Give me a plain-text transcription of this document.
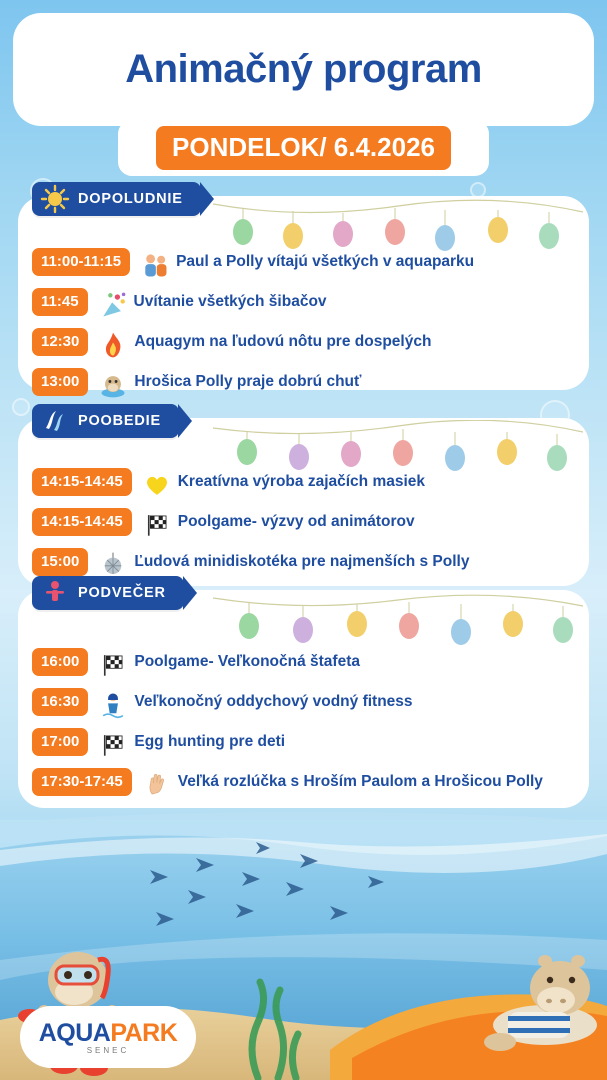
Animačný program
PONDELOK/ 6.4.2026
DOPOLUDNIE
11:00-11:15	Paul a Polly vítajú všetkých v aquaparku
11:45	Uvítanie všetkých šibačov
12:30	Aquagym na ľudovú nôtu pre dospelých
13:00	Hrošica Polly praje dobrú chuť
POOBEDIE
14:15-14:45	Kreatívna výroba zajačích masiek
14:15-14:45	Poolgame- výzvy od animátorov
15:00	Ľudová minidiskotéka pre najmenších s Polly
PODVEČER
16:00	Poolgame- Veľkonočná štafeta
16:30	Veľkonočný oddychový vodný fitness
17:00	Egg hunting pre deti
17:30-17:45	Veľká rozlúčka s Hroším Paulom a Hrošicou Polly
AQUAPARK
SENEC
